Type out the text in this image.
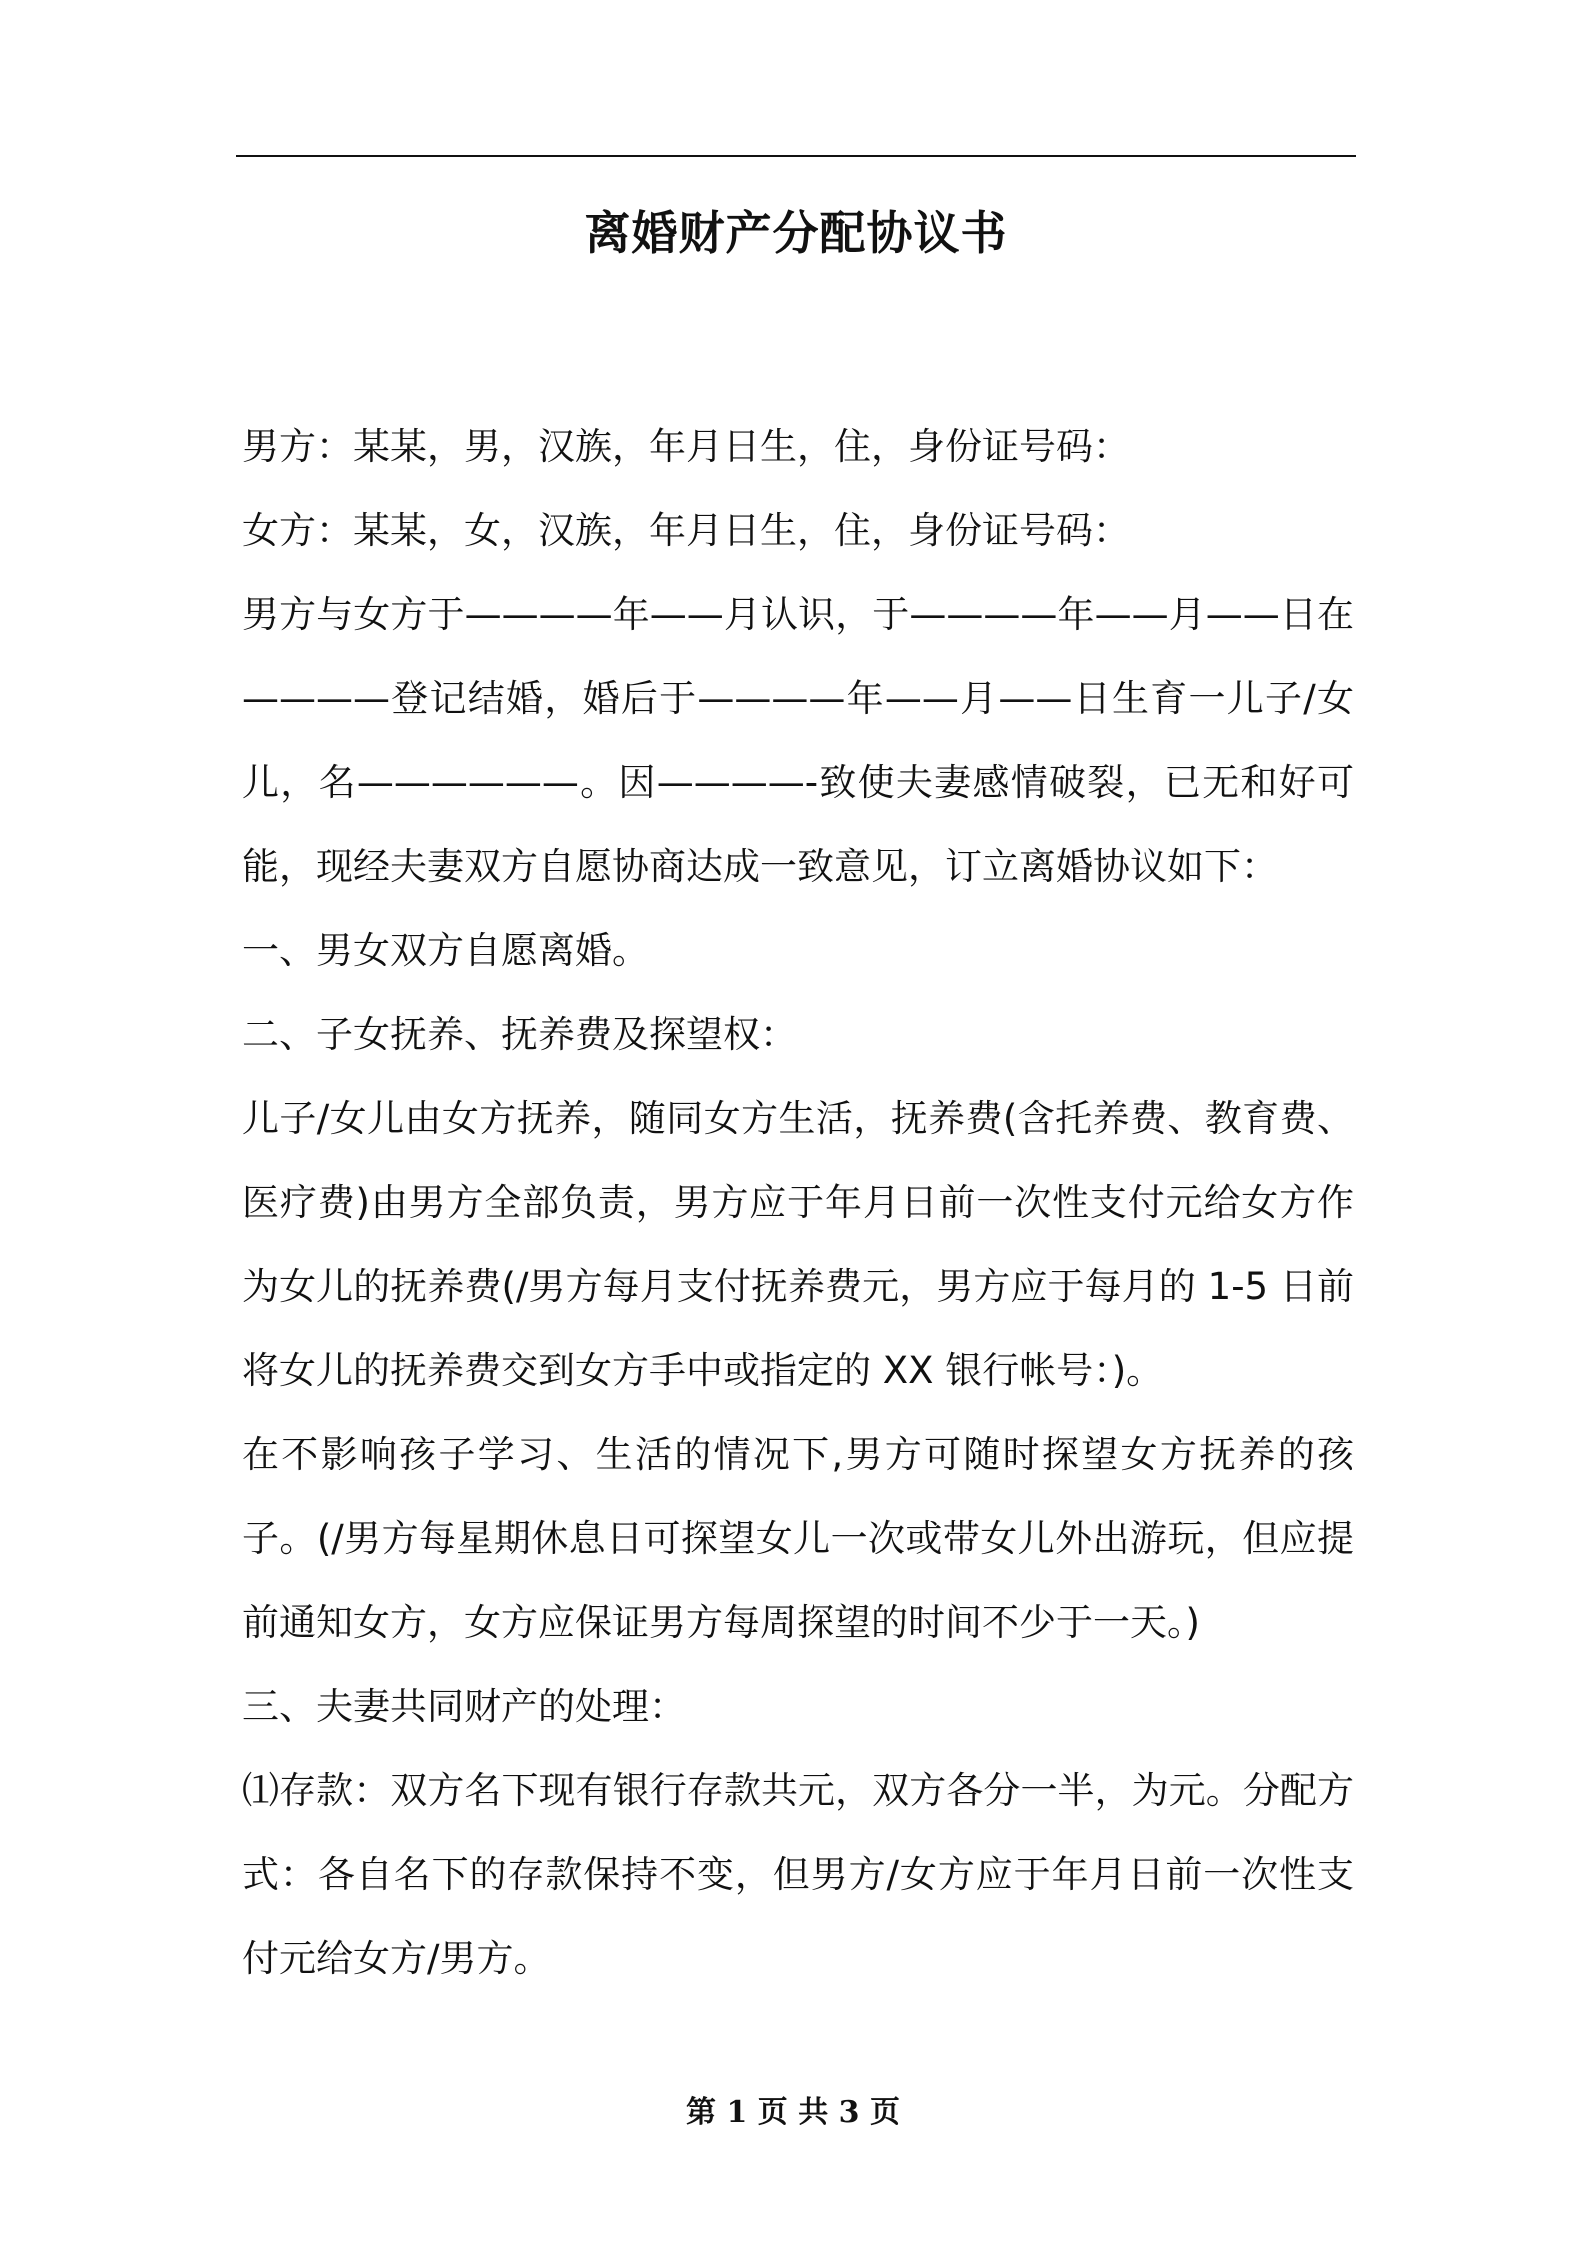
离婚财产分配协议书

男方：某某，男，汉族，年月日生，住，身份证号码：

女方：某某，女，汉族，年月日生，住，身份证号码：

男方与女方于————年——月认识，于————年——月——日在————登记结婚，婚后于————年——月——日生育一儿子/女儿，名——————。因————-致使夫妻感情破裂，已无和好可能，现经夫妻双方自愿协商达成一致意见，订立离婚协议如下：

一、男女双方自愿离婚。

二、子女抚养、抚养费及探望权：

儿子/女儿由女方抚养，随同女方生活，抚养费(含托养费、教育费、医疗费)由男方全部负责，男方应于年月日前一次性支付元给女方作为女儿的抚养费(/男方每月支付抚养费元，男方应于每月的 1-5 日前将女儿的抚养费交到女方手中或指定的 XX 银行帐号：)。

在不影响孩子学习、生活的情况下,男方可随时探望女方抚养的孩子。(/男方每星期休息日可探望女儿一次或带女儿外出游玩，但应提前通知女方，女方应保证男方每周探望的时间不少于一天。)

三、夫妻共同财产的处理：

⑴存款：双方名下现有银行存款共元，双方各分一半，为元。分配方式：各自名下的存款保持不变，但男方/女方应于年月日前一次性支付元给女方/男方。

第 1 页 共 3 页
